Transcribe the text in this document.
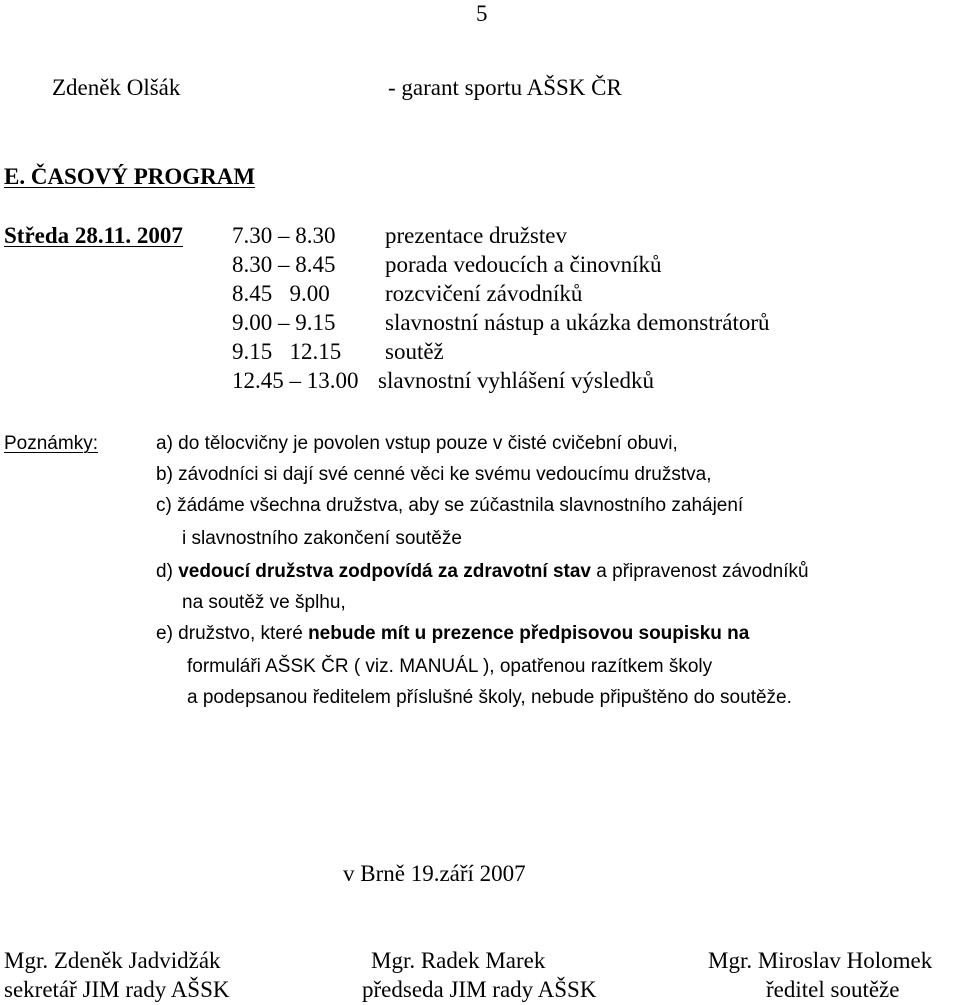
5
Zdeněk Olšák	- garant sportu AŠSK ČR
E. ČASOVÝ PROGRAM
Středa 28.11. 2007 7.30 – 8.30 prezentace družstev
8.30 – 8.45 porada vedoucích a činovníků
8.45   9.00 rozcvičení závodníků
9.00 – 9.15 slavnostní nástup a ukázka demonstrátorů
9.15   12.15 soutěž
12.45 – 13.00 slavnostní vyhlášení výsledků
Poznámky:	a) do tělocvičny je povolen vstup pouze v čisté cvičební obuvi,
b) závodníci si dají své cenné věci ke svému vedoucímu družstva,
c) žádáme všechna družstva, aby se zúčastnila slavnostního zahájení
i slavnostního zakončení soutěže
d) vedoucí družstva zodpovídá za zdravotní stav a připravenost závodníků
na soutěž ve šplhu,
e) družstvo, které nebude mít u prezence předpisovou soupisku na
formuláři AŠSK ČR ( viz. MANUÁL ), opatřenou razítkem školy
a podepsanou ředitelem příslušné školy, nebude připuštěno do soutěže.
v Brně 19.září 2007
Mgr. Zdeněk Jadvidžák
sekretář JIM rady AŠSK
Mgr. Radek Marek
předseda JIM rady AŠSK
Mgr. Miroslav Holomek
ředitel soutěže
